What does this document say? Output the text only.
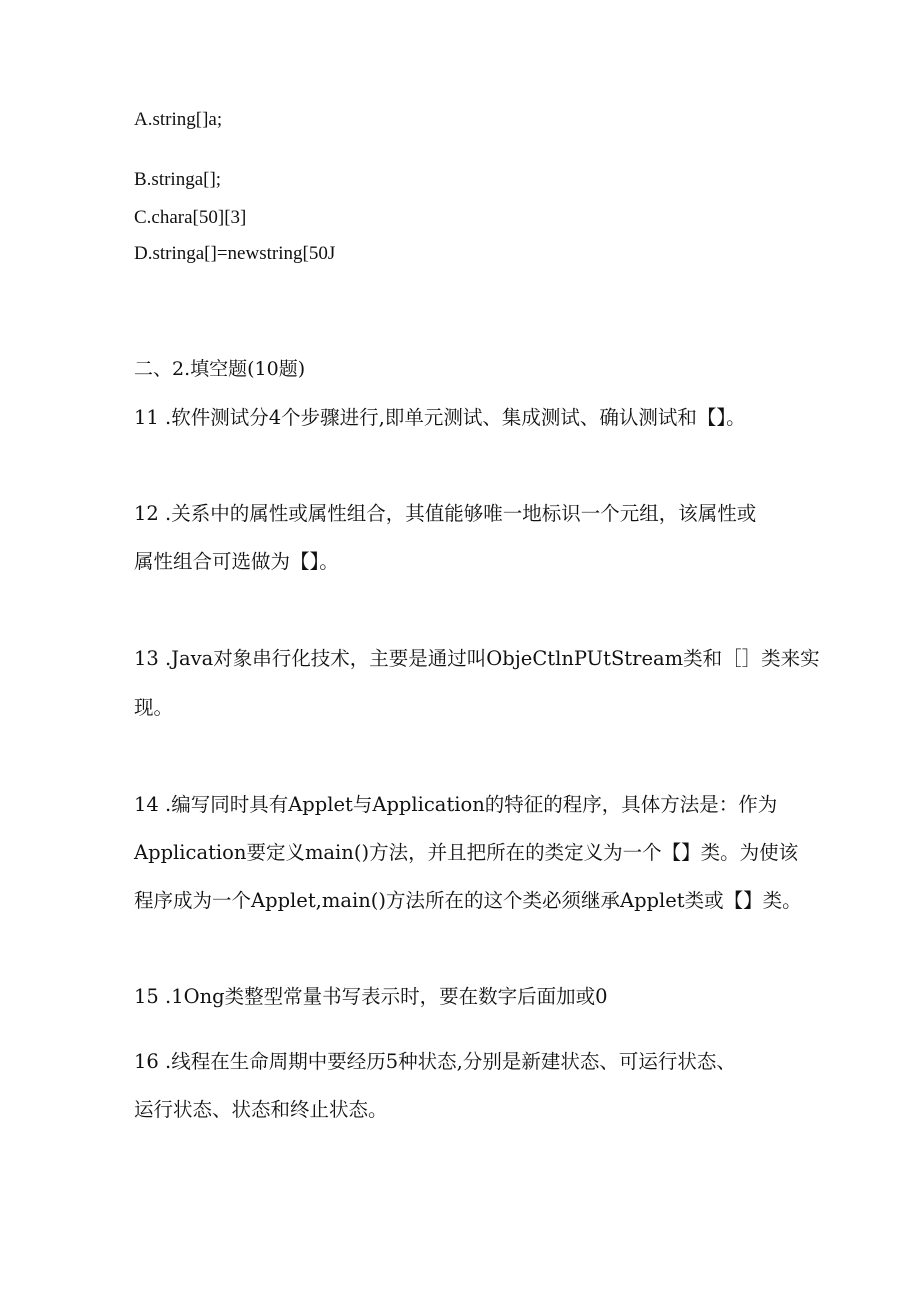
A.string[]a;

B.stringa[];

C.chara[50][3]

D.stringa[]=newstring[50J

二、2.填空题(10题)

11 .软件测试分4个步骤进行,即单元测试、集成测试、确认测试和【】。

12 .关系中的属性或属性组合，其值能够唯一地标识一个元组，该属性或

属性组合可选做为【】。

13 .Java对象串行化技术，主要是通过叫ObjeCtlnPUtStream类和［］类来实

现。

14 .编写同时具有Applet与Application的特征的程序，具体方法是：作为

Application要定义main()方法，并且把所在的类定义为一个【】类。为使该

程序成为一个Applet,main()方法所在的这个类必须继承Applet类或【】类。

15 .1Ong类整型常量书写表示时，要在数字后面加或0

16 .线程在生命周期中要经历5种状态,分别是新建状态、可运行状态、

运行状态、状态和终止状态。
